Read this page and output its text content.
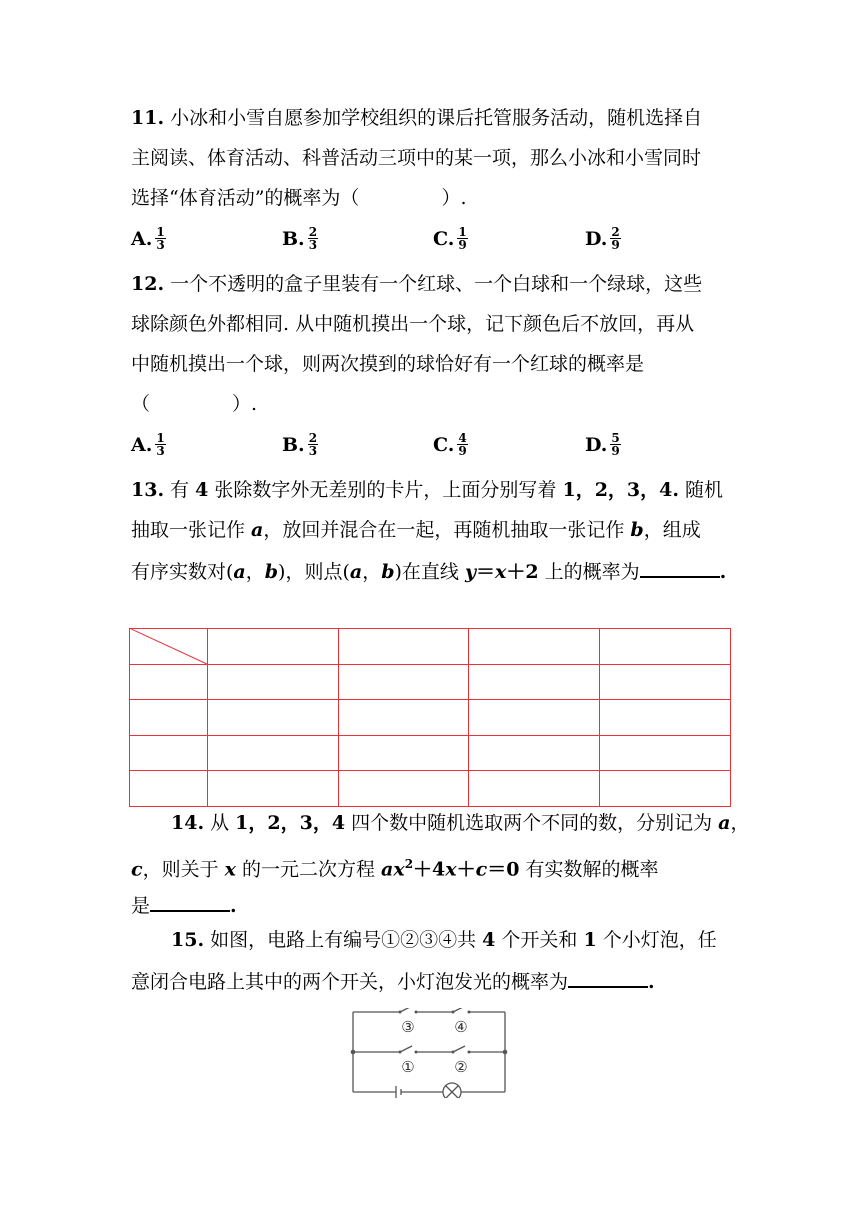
11. 小冰和小雪自愿参加学校组织的课后托管服务活动，随机选择自
主阅读、体育活动、科普活动三项中的某一项，那么小冰和小雪同时
选择“体育活动”的概率为（	）.
A. $\frac{1}{3}$	B. $\frac{2}{3}$	C. $\frac{1}{9}$	D. $\frac{2}{9}$
12. 一个不透明的盒子里装有一个红球、一个白球和一个绿球，这些
球除颜色外都相同. 从中随机摸出一个球，记下颜色后不放回，再从
中随机摸出一个球，则两次摸到的球恰好有一个红球的概率是
（	）.
A. $\frac{1}{3}$	B. $\frac{2}{3}$	C. $\frac{4}{9}$	D. $\frac{5}{9}$
13. 有 4 张除数字外无差别的卡片，上面分别写着 1，2，3，4. 随机
抽取一张记作 a，放回并混合在一起，再随机抽取一张记作 b，组成
有序实数对(a，b)，则点(a，b)在直线 y＝x＋2 上的概率为	.

14. 从 1，2，3，4 四个数中随机选取两个不同的数，分别记为 a，
c，则关于 x 的一元二次方程 $ax^2+4x+c=0$ 有实数解的概率
是	.
15. 如图，电路上有编号①②③④共 4 个开关和 1 个小灯泡，任
意闭合电路上其中的两个开关，小灯泡发光的概率为	.
③	④
①	②
